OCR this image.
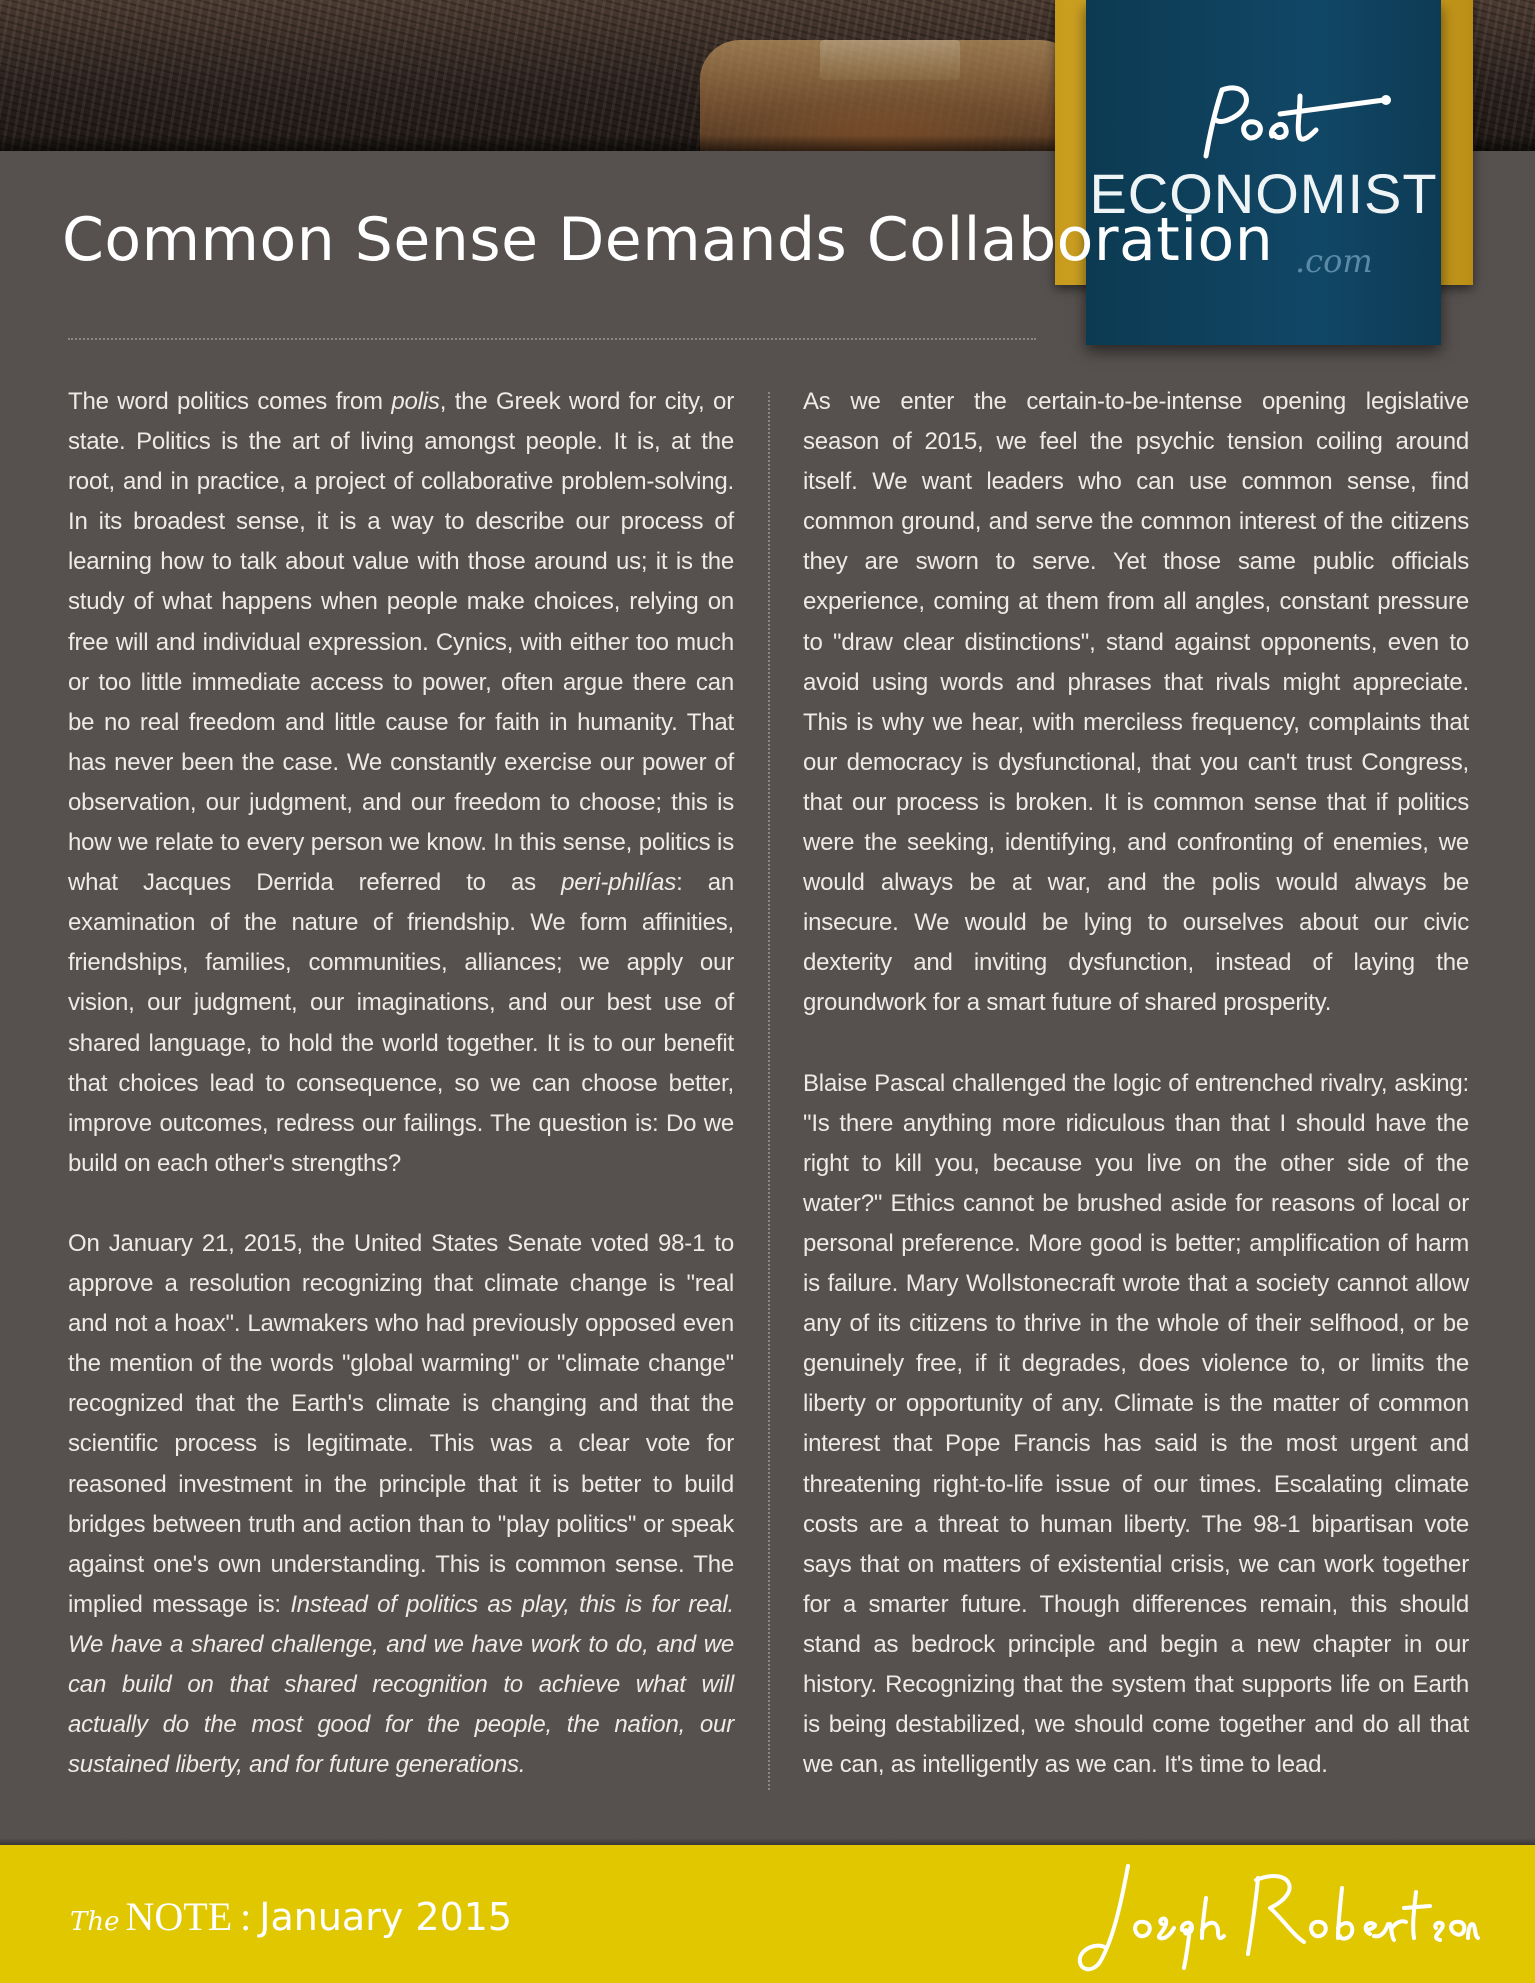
ECONOMIST
.com
Common Sense Demands Collaboration

The word politics comes from polis, the Greek word for city, or state. Politics is the art of living amongst people. It is, at the root, and in practice, a project of collaborative problem-solving. In its broadest sense, it is a way to describe our process of learning how to talk about value with those around us; it is the study of what happens when people make choices, relying on free will and individual expression. Cynics, with either too much or too little immediate access to power, often argue there can be no real freedom and little cause for faith in humanity. That has never been the case. We constantly exercise our power of observation, our judgment, and our freedom to choose; this is how we relate to every person we know. In this sense, politics is what Jacques Derrida referred to as peri-philías: an examination of the nature of friendship. We form affinities, friendships, families, communities, alliances; we apply our vision, our judgment, our imaginations, and our best use of shared language, to hold the world together. It is to our benefit that choices lead to consequence, so we can choose better, improve outcomes, redress our failings. The question is: Do we build on each other's strengths?

On January 21, 2015, the United States Senate voted 98-1 to approve a resolution recognizing that climate change is "real and not a hoax". Lawmakers who had previously opposed even the mention of the words "global warming" or "climate change" recognized that the Earth's climate is changing and that the scientific process is legitimate. This was a clear vote for reasoned investment in the principle that it is better to build bridges between truth and action than to "play politics" or speak against one's own understanding. This is common sense. The implied message is: Instead of politics as play, this is for real. We have a shared challenge, and we have work to do, and we can build on that shared recognition to achieve what will actually do the most good for the people, the nation, our sustained liberty, and for future generations.

As we enter the certain-to-be-intense opening legislative season of 2015, we feel the psychic tension coiling around itself. We want leaders who can use common sense, find common ground, and serve the common interest of the citizens they are sworn to serve. Yet those same public officials experience, coming at them from all angles, constant pressure to "draw clear distinctions", stand against opponents, even to avoid using words and phrases that rivals might appreciate. This is why we hear, with merciless frequency, complaints that our democracy is dysfunctional, that you can't trust Congress, that our process is broken. It is common sense that if politics were the seeking, identifying, and confronting of enemies, we would always be at war, and the polis would always be insecure. We would be lying to ourselves about our civic dexterity and inviting dysfunction, instead of laying the groundwork for a smart future of shared prosperity.

Blaise Pascal challenged the logic of entrenched rivalry, asking: "Is there anything more ridiculous than that I should have the right to kill you, because you live on the other side of the water?" Ethics cannot be brushed aside for reasons of local or personal preference. More good is better; amplification of harm is failure. Mary Wollstonecraft wrote that a society cannot allow any of its citizens to thrive in the whole of their selfhood, or be genuinely free, if it degrades, does violence to, or limits the liberty or opportunity of any. Climate is the matter of common interest that Pope Francis has said is the most urgent and threatening right-to-life issue of our times. Escalating climate costs are a threat to human liberty. The 98-1 bipartisan vote says that on matters of existential crisis, we can work together for a smarter future. Though differences remain, this should stand as bedrock principle and begin a new chapter in our history. Recognizing that the system that supports life on Earth is being destabilized, we should come together and do all that we can, as intelligently as we can. It's time to lead.

The NOTE : January 2015
